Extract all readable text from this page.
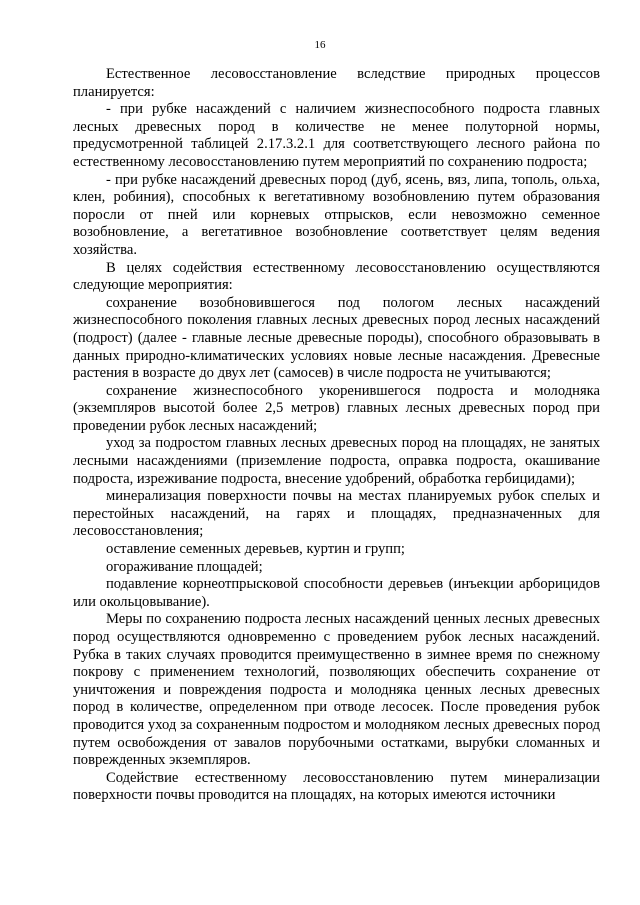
16

Естественное лесовосстановление вследствие природных процессов планируется:

- при рубке насаждений с наличием жизнеспособного подроста главных лесных древесных пород в количестве не менее полуторной нормы, предусмотренной таблицей 2.17.3.2.1 для соответствующего лесного района по естественному лесовосстановлению путем мероприятий по сохранению подроста;

- при рубке насаждений древесных пород (дуб, ясень, вяз, липа, тополь, ольха, клен, робиния), способных к вегетативному возобновлению путем образования поросли от пней или корневых отпрысков, если невозможно семенное возобновление, а вегетативное возобновление соответствует целям ведения хозяйства.

В целях содействия естественному лесовосстановлению осуществляются следующие мероприятия:

сохранение возобновившегося под пологом лесных насаждений жизнеспособного поколения главных лесных древесных пород лесных насаждений (подрост) (далее - главные лесные древесные породы), способного образовывать в данных природно-климатических условиях новые лесные насаждения. Древесные растения в возрасте до двух лет (самосев) в числе подроста не учитываются;

сохранение жизнеспособного укоренившегося подроста и молодняка (экземпляров высотой более 2,5 метров) главных лесных древесных пород при проведении рубок лесных насаждений;

уход за подростом главных лесных древесных пород на площадях, не занятых лесными насаждениями (приземление подроста, оправка подроста, окашивание подроста, изреживание подроста, внесение удобрений, обработка гербицидами);

минерализация поверхности почвы на местах планируемых рубок спелых и перестойных насаждений, на гарях и площадях, предназначенных для лесовосстановления;

оставление семенных деревьев, куртин и групп;

огораживание площадей;

подавление корнеотпрысковой способности деревьев (инъекции арборицидов или окольцовывание).

Меры по сохранению подроста лесных насаждений ценных лесных древесных пород осуществляются одновременно с проведением рубок лесных насаждений. Рубка в таких случаях проводится преимущественно в зимнее время по снежному покрову с применением технологий, позволяющих обеспечить сохранение от уничтожения и повреждения подроста и молодняка ценных лесных древесных пород в количестве, определенном при отводе лесосек. После проведения рубок проводится уход за сохраненным подростом и молодняком лесных древесных пород путем освобождения от завалов порубочными остатками, вырубки сломанных и поврежденных экземпляров.

Содействие естественному лесовосстановлению путем минерализации поверхности почвы проводится на площадях, на которых имеются источники
